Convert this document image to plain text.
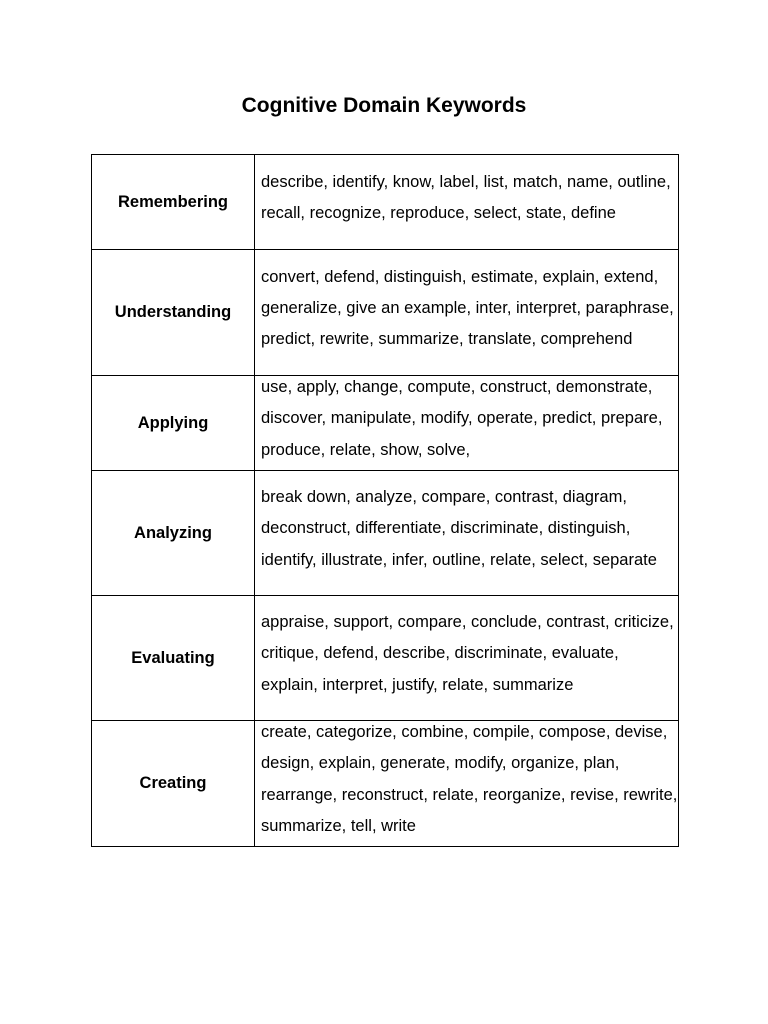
Cognitive Domain Keywords
Remembering	describe, identify, know, label, list, match, name, outline, recall, recognize, reproduce, select, state, define

Understanding	convert, defend, distinguish, estimate, explain, extend, generalize, give an example, inter, interpret, paraphrase, predict, rewrite, summarize, translate, comprehend

Applying	use, apply, change, compute, construct, demonstrate, discover, manipulate, modify, operate, predict, prepare, produce, relate, show, solve,

Analyzing	break down, analyze, compare, contrast, diagram, deconstruct, differentiate, discriminate, distinguish, identify, illustrate, infer, outline, relate, select, separate

Evaluating	appraise, support, compare, conclude, contrast, criticize, critique, defend, describe, discriminate, evaluate, explain, interpret, justify, relate, summarize

Creating	create, categorize, combine, compile, compose, devise, design, explain, generate, modify, organize, plan, rearrange, reconstruct, relate, reorganize, revise, rewrite, summarize, tell, write
